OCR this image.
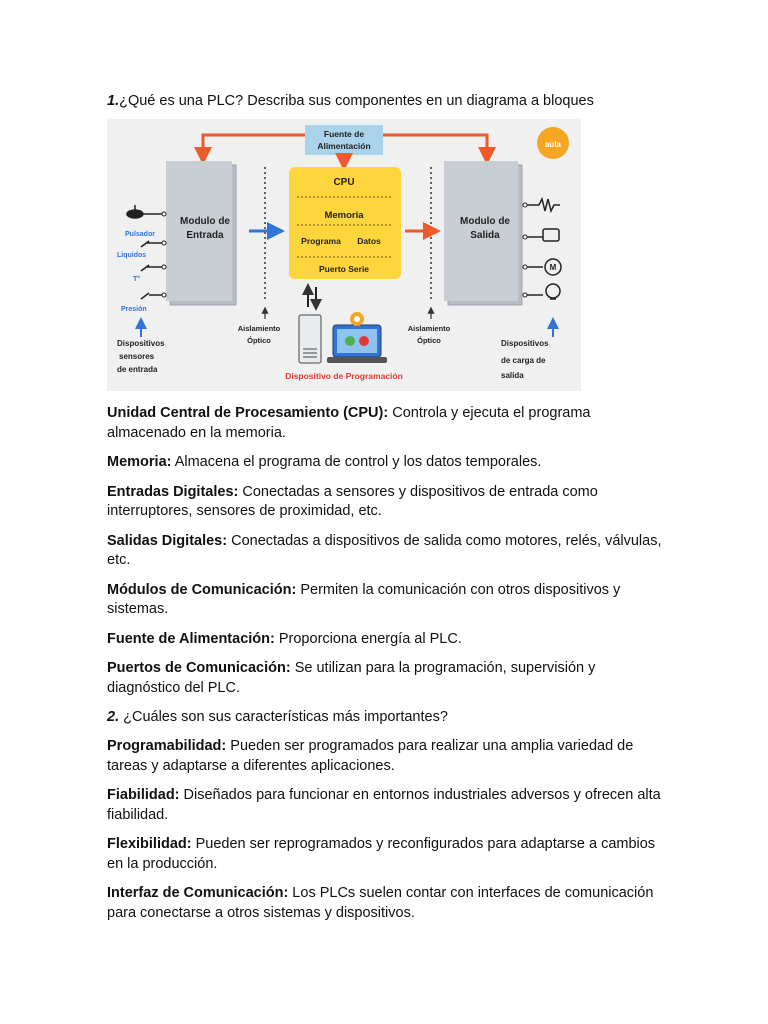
1.¿Qué es una PLC? Describa sus componentes en un diagrama a bloques

Fuente de
Alimentación
Modulo de
Entrada
Modulo de
Salida
CPU
Memoria
Programa Datos
Puerto Serie
Pulsador
Liquidos
T°
Presión
Dispositivos
sensores
de entrada
M
Dispositivos
de carga de
salida
Aislamiento
Óptico
Aislamiento
Óptico
Dispositivo de Programación
aula

Unidad Central de Procesamiento (CPU): Controla y ejecuta el programa almacenado en la memoria.

Memoria: Almacena el programa de control y los datos temporales.

Entradas Digitales: Conectadas a sensores y dispositivos de entrada como interruptores, sensores de proximidad, etc.

Salidas Digitales: Conectadas a dispositivos de salida como motores, relés, válvulas, etc.

Módulos de Comunicación: Permiten la comunicación con otros dispositivos y sistemas.

Fuente de Alimentación: Proporciona energía al PLC.

Puertos de Comunicación: Se utilizan para la programación, supervisión y diagnóstico del PLC.

2. ¿Cuáles son sus características más importantes?

Programabilidad: Pueden ser programados para realizar una amplia variedad de tareas y adaptarse a diferentes aplicaciones.

Fiabilidad: Diseñados para funcionar en entornos industriales adversos y ofrecen alta fiabilidad.

Flexibilidad: Pueden ser reprogramados y reconfigurados para adaptarse a cambios en la producción.

Interfaz de Comunicación: Los PLCs suelen contar con interfaces de comunicación para conectarse a otros sistemas y dispositivos.
